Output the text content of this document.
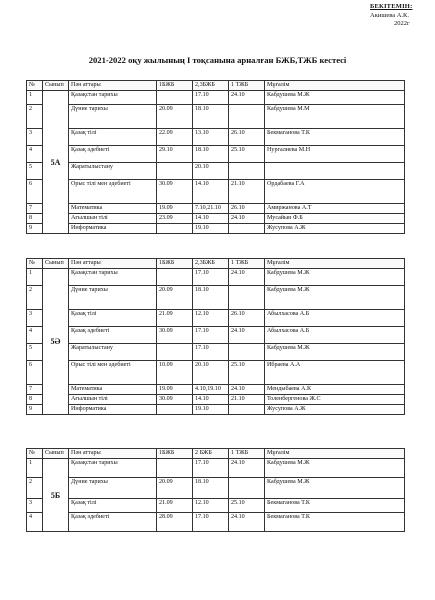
БЕКІТЕМІН:
Акишева А.К.
2022г
2021-2022 оқу жылының I тоқсанына арналған БЖБ,ТЖБ кестесі
№	Сынып	Пән аттары	1БЖБ	2,3БЖБ	1 ТЖБ	Мұғалім
1	5А	Қазақстан тарихы		17.10	24.10	Кабдушева М.Ж
2		Дүние тарихы	20.09	18.10		Кабдушева М.М
3		Қазақ тілі	22.09	13.10	26.10	Бекмаганова Т.К
4		Қазақ әдебиеті	29.10	18.10	25.10	Нургалиева М.Н
5		Жаратылыстану		20.10		
6		Орыс тілі мен әдебиеті	30.09	14.10	21.10	Ордабаева Г.А
7		Математика	19.09	7.10,21.10	26.10	Амиржанова А.Т
8		Ағылшын тілі	23.09	14.10	24.10	Мусайын Ф.Б
9		Информатика		19.10		Жусупова А.Ж
№	Сынып	Пән аттары	1БЖБ	2,3БЖБ	1 ТЖБ	Мұғалім
1	5Ә	Қазақстан тарихы		17.10	24.10	Кабдушева М.Ж
2		Дүние тарихы	20.09	18.10		Кабдушева М.Ж
3		Қазақ тілі	21.09	12.10	26.10	Абылхасова А.Б
4		Қазақ әдебиеті	30.09	17.10	24.10	Абылхасова А.Б
5		Жаратылыстану		17.10		Кабдушева М.Ж
6		Орыс тілі мен әдебиеті	10.09	20.10	25.10	Ибраева А.А
7		Математика	19.09	4.10,19.10	24.10	Мендыбаева А.К
8		Ағылшын тілі	30.09	14.10	21.10	Толенбергенова Ж.С
9		Информатика		19.10		Жусупова А.Ж
№	Сынып	Пән аттары	1БЖБ	2 БЖБ	1 ТЖБ	Мұғалім
1	5Б	Қазақстан тарихы		17.10	24.10	Кабдушева М.Ж
2		Дүние тарихы	20.09	18.10		Кабдушева М.Ж
3		Қазақ тілі	21.09	12.10	25.10	Бекмаганова Т.К
4		Қазақ әдебиеті	28.09	17.10	24.10	Бекмаганова Т.К
